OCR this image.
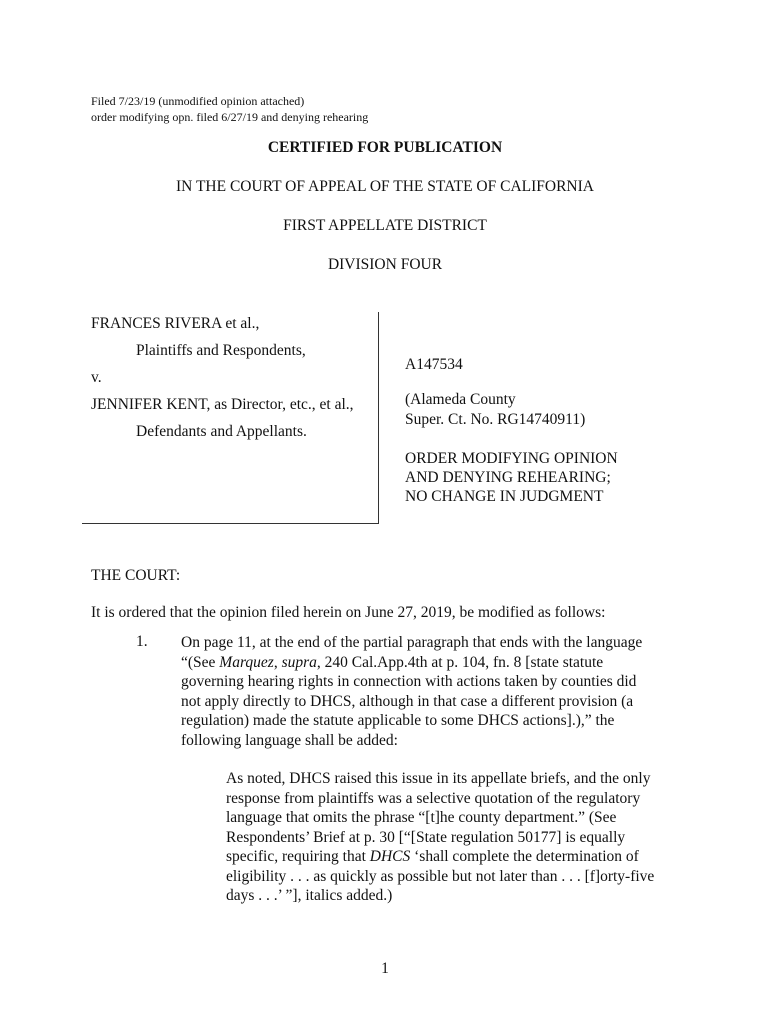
Filed 7/23/19 (unmodified opinion attached)
order modifying opn. filed 6/27/19 and denying rehearing
CERTIFIED FOR PUBLICATION
IN THE COURT OF APPEAL OF THE STATE OF CALIFORNIA
FIRST APPELLATE DISTRICT
DIVISION FOUR
FRANCES RIVERA et al.,
Plaintiffs and Respondents,
v.
JENNIFER KENT, as Director, etc., et al.,
Defendants and Appellants.
A147534
(Alameda County
Super. Ct. No. RG14740911)
ORDER MODIFYING OPINION
AND DENYING REHEARING;
NO CHANGE IN JUDGMENT
THE COURT:
It is ordered that the opinion filed herein on June 27, 2019, be modified as follows:
1. On page 11, at the end of the partial paragraph that ends with the language
“(See Marquez, supra, 240 Cal.App.4th at p. 104, fn. 8 [state statute
governing hearing rights in connection with actions taken by counties did
not apply directly to DHCS, although in that case a different provision (a
regulation) made the statute applicable to some DHCS actions].),” the
following language shall be added:
As noted, DHCS raised this issue in its appellate briefs, and the only
response from plaintiffs was a selective quotation of the regulatory
language that omits the phrase “[t]he county department.” (See
Respondents’ Brief at p. 30 [“[State regulation 50177] is equally
specific, requiring that DHCS ‘shall complete the determination of
eligibility . . . as quickly as possible but not later than . . . [f]orty-five
days . . .’ ”], italics added.)
1
